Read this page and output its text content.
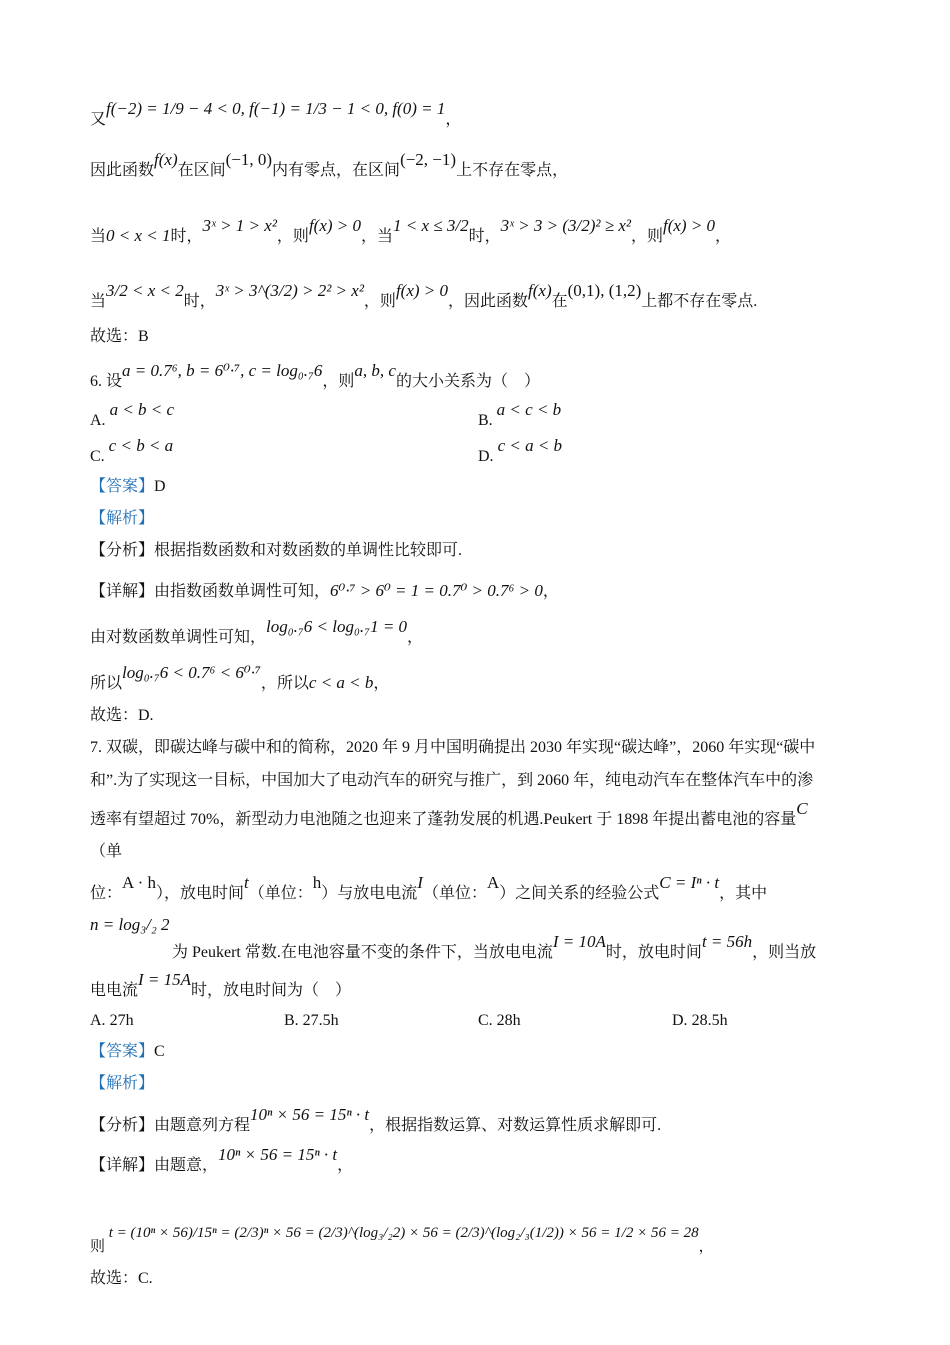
又f(−2) = 1/9 − 4 < 0, f(−1) = 1/3 − 1 < 0, f(0) = 1，
因此函数f(x)在区间(−1, 0)内有零点，在区间(−2, −1)上不存在零点，
当0 < x < 1时，3ˣ > 1 > x²，则f(x) > 0，当1 < x ≤ 3/2时，3ˣ > 3 > (3/2)² ≥ x²，则f(x) > 0，
当3/2 < x < 2时，3ˣ > 3^(3/2) > 2² > x²，则f(x) > 0，因此函数f(x)在(0,1), (1,2)上都不存在零点.
故选：B
6. 设a = 0.7⁶, b = 6⁰·⁷, c = log₀.₇6，则a, b, c的大小关系为（　）
A. a < b < c
B. a < c < b
C. c < b < a
D. c < a < b
【答案】D
【解析】
【分析】根据指数函数和对数函数的单调性比较即可.
【详解】由指数函数单调性可知，6⁰·⁷ > 6⁰ = 1 = 0.7⁰ > 0.7⁶ > 0，
由对数函数单调性可知，log₀.₇6 < log₀.₇1 = 0，
所以log₀.₇6 < 0.7⁶ < 6⁰·⁷，所以c < a < b，
故选：D.
7. 双碳，即碳达峰与碳中和的简称，2020 年 9 月中国明确提出 2030 年实现“碳达峰”，2060 年实现“碳中
和”.为了实现这一目标，中国加大了电动汽车的研究与推广，到 2060 年，纯电动汽车在整体汽车中的渗
透率有望超过 70%，新型动力电池随之也迎来了蓬勃发展的机遇.Peukert 于 1898 年提出蓄电池的容量C
（单
位：A · h），放电时间t（单位：h）与放电电流I（单位：A）之间关系的经验公式C = Iⁿ · t，其中
n = log₃/₂ 2
为 Peukert 常数.在电池容量不变的条件下，当放电电流I = 10A时，放电时间t = 56h，则当放
电电流I = 15A时，放电时间为（　）
A. 27h	B. 27.5h	C. 28h	D. 28.5h
【答案】C
【解析】
【分析】由题意列方程10ⁿ × 56 = 15ⁿ · t，根据指数运算、对数运算性质求解即可.
【详解】由题意，10ⁿ × 56 = 15ⁿ · t，
则 t = (10ⁿ × 56)/15ⁿ = (2/3)ⁿ × 56 = (2/3)^(log₃/₂2) × 56 = (2/3)^(log₂/₃(1/2)) × 56 = 1/2 × 56 = 28，
故选：C.
